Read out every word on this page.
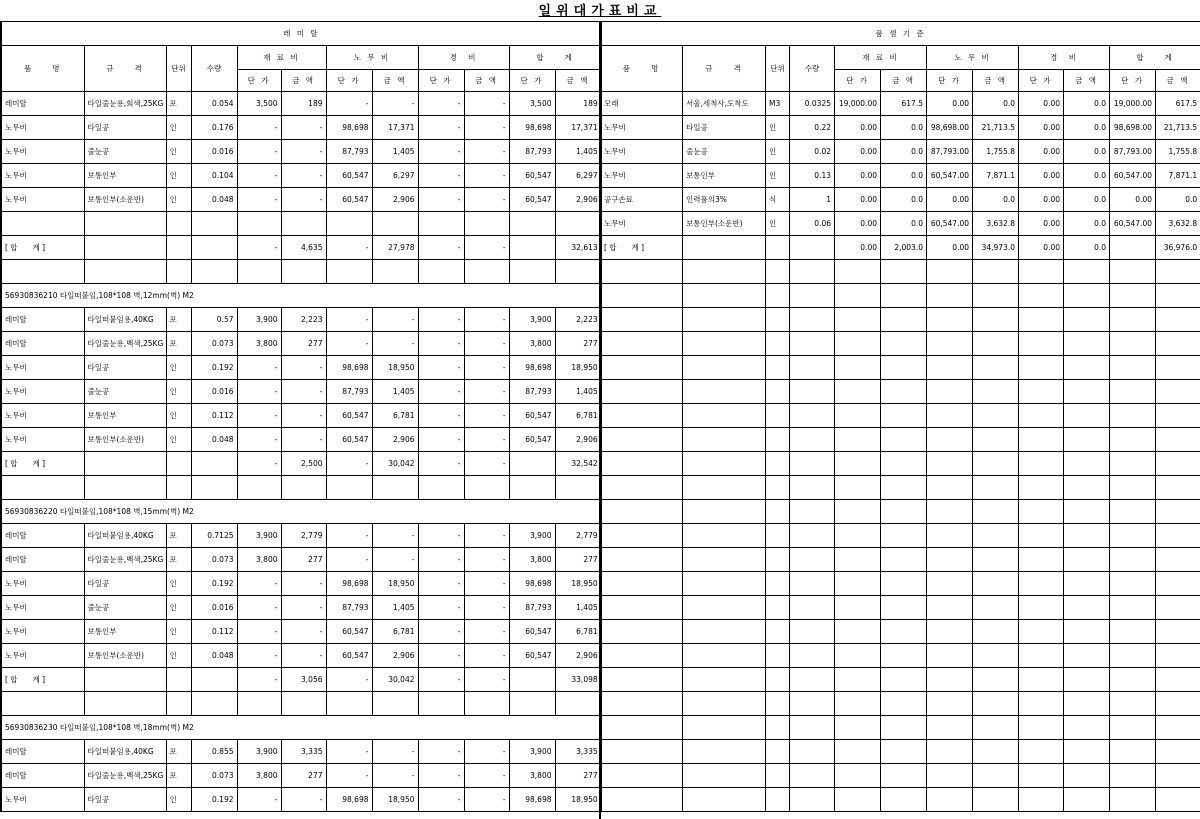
일위대가표비교
레 미 탈											
품　　명	규　　격	단위	수량	재 료 비		노 무 비		경　비		합　　계	
				단 가	금 액	단 가	금 액	단 가	금 액	단 가	금 액
레미탈	타일줄눈용,회색,25KG	포	0.054	3,500	189	-	-	-	-	3,500	189
노무비	타일공	인	0.176	-	-	98,698	17,371	-	-	98,698	17,371
노무비	줄눈공	인	0.016	-	-	87,793	1,405	-	-	87,793	1,405
노무비	보통인부	인	0.104	-	-	60,547	6,297	-	-	60,547	6,297
노무비	보통인부(소운반)	인	0.048	-	-	60,547	2,906	-	-	60,547	2,906

[ 합　　계 ]				-	4,635	-	27,978	-	-		32,613

56930836210 타일떠붙임,108*108 벽,12mm(벽) M2											
레미탈	타일떠붙임용,40KG	포	0.57	3,900	2,223	-	-	-	-	3,900	2,223
레미탈	타일줄눈용,백색,25KG	포	0.073	3,800	277	-	-	-	-	3,800	277
노무비	타일공	인	0.192	-	-	98,698	18,950	-	-	98,698	18,950
노무비	줄눈공	인	0.016	-	-	87,793	1,405	-	-	87,793	1,405
노무비	보통인부	인	0.112	-	-	60,547	6,781	-	-	60,547	6,781
노무비	보통인부(소운반)	인	0.048	-	-	60,547	2,906	-	-	60,547	2,906
[ 합　　계 ]				-	2,500	-	30,042	-	-		32,542

56930836220 타일떠붙임,108*108 벽,15mm(벽) M2											
레미탈	타일떠붙임용,40KG	포	0.7125	3,900	2,779	-	-	-	-	3,900	2,779
레미탈	타일줄눈용,백색,25KG	포	0.073	3,800	277	-	-	-	-	3,800	277
노무비	타일공	인	0.192	-	-	98,698	18,950	-	-	98,698	18,950
노무비	줄눈공	인	0.016	-	-	87,793	1,405	-	-	87,793	1,405
노무비	보통인부	인	0.112	-	-	60,547	6,781	-	-	60,547	6,781
노무비	보통인부(소운반)	인	0.048	-	-	60,547	2,906	-	-	60,547	2,906
[ 합　　계 ]				-	3,056	-	30,042	-	-		33,098

56930836230 타일떠붙임,108*108 벽,18mm(벽) M2											
레미탈	타일떠붙임용,40KG	포	0.855	3,900	3,335	-	-	-	-	3,900	3,335
레미탈	타일줄눈용,백색,25KG	포	0.073	3,800	277	-	-	-	-	3,800	277
노무비	타일공	인	0.192	-	-	98,698	18,950	-	-	98,698	18,950
품 셈 기 준											
품　　명	규　　격	단위	수량	재 료 비		노 무 비		경　비		합　　계	
				단 가	금 액	단 가	금 액	단 가	금 액	단 가	금 액
모래	서울,세척사,도착도	M3	0.0325	19,000.00	617.5	0.00	0.0	0.00	0.0	19,000.00	617.5
노무비	타일공	인	0.22	0.00	0.0	98,698.00	21,713.5	0.00	0.0	98,698.00	21,713.5
노무비	줄눈공	인	0.02	0.00	0.0	87,793.00	1,755.8	0.00	0.0	87,793.00	1,755.8
노무비	보통인부	인	0.13	0.00	0.0	60,547.00	7,871.1	0.00	0.0	60,547.00	7,871.1
공구손료	인력품의3%	식	1	0.00	0.0	0.00	0.0	0.00	0.0	0.00	0.0
노무비	보통인부(소운반)	인	0.06	0.00	0.0	60,547.00	3,632.8	0.00	0.0	60,547.00	3,632.8
[ 합　　계 ]				0.00	2,003.0	0.00	34,973.0	0.00	0.0		36,976.0
